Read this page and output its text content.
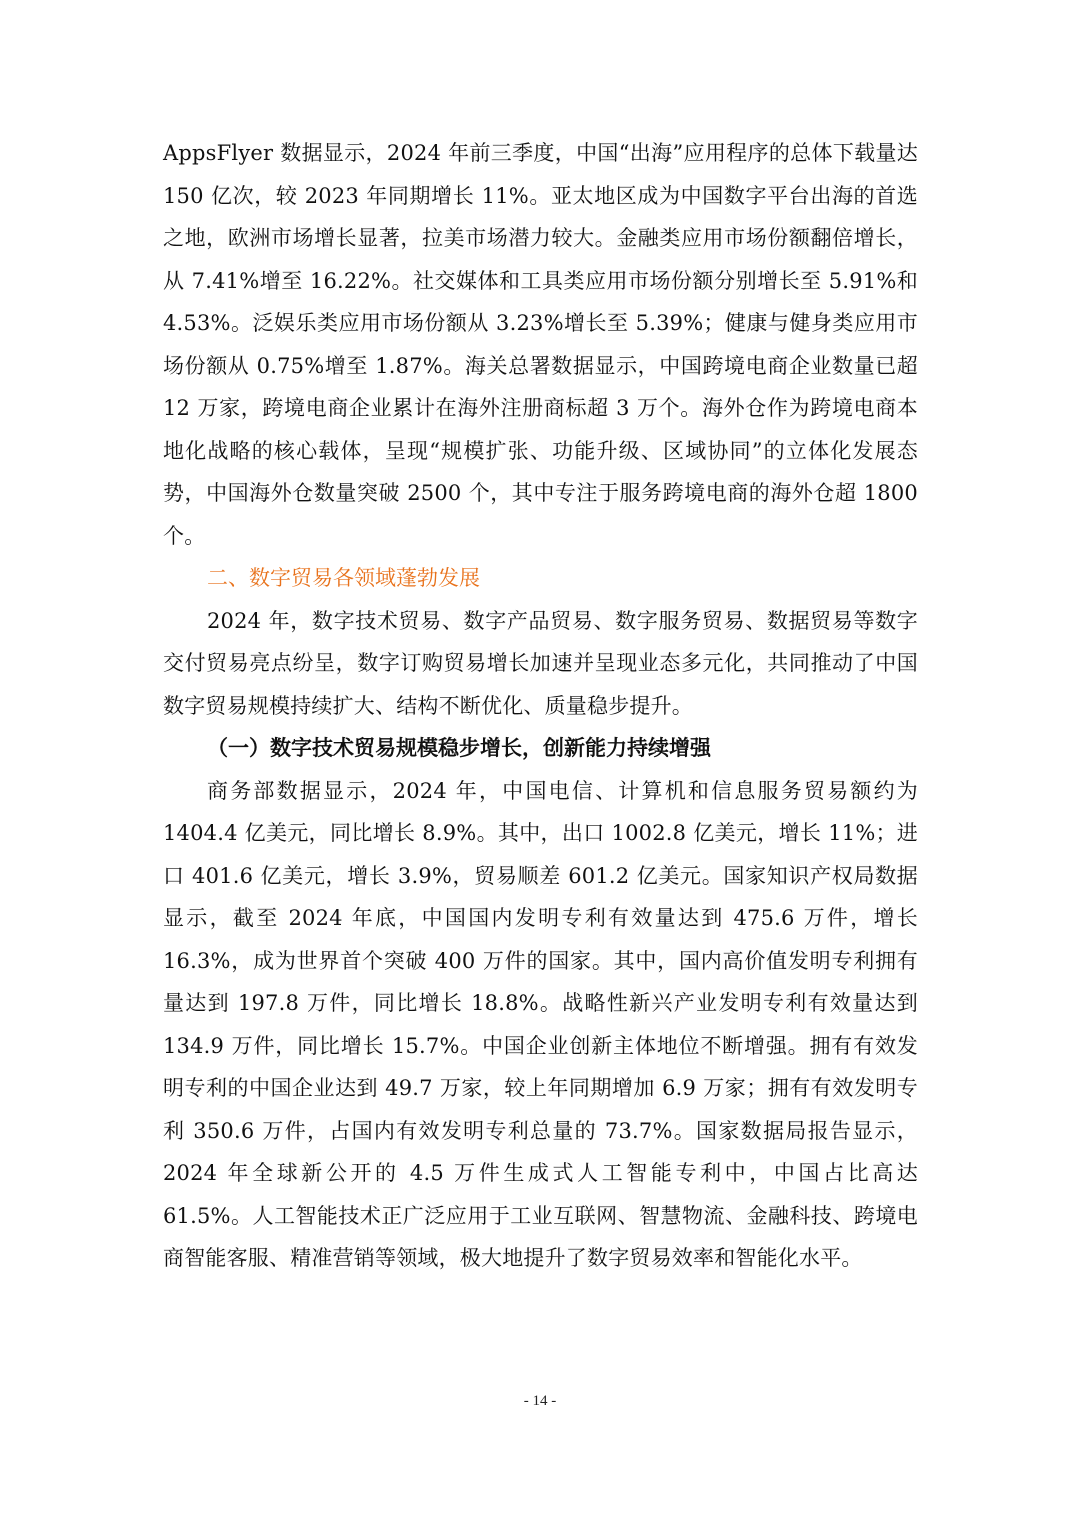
AppsFlyer 数据显示，2024 年前三季度，中国“出海”应用程序的总体下载量达 150 亿次，较 2023 年同期增长 11%。亚太地区成为中国数字平台出海的首选之地，欧洲市场增长显著，拉美市场潜力较大。金融类应用市场份额翻倍增长，从 7.41%增至 16.22%。社交媒体和工具类应用市场份额分别增长至 5.91%和 4.53%。泛娱乐类应用市场份额从 3.23%增长至 5.39%；健康与健身类应用市场份额从 0.75%增至 1.87%。海关总署数据显示，中国跨境电商企业数量已超 12 万家，跨境电商企业累计在海外注册商标超 3 万个。海外仓作为跨境电商本地化战略的核心载体，呈现“规模扩张、功能升级、区域协同”的立体化发展态势，中国海外仓数量突破 2500 个，其中专注于服务跨境电商的海外仓超 1800 个。

二、数字贸易各领域蓬勃发展

2024 年，数字技术贸易、数字产品贸易、数字服务贸易、数据贸易等数字交付贸易亮点纷呈，数字订购贸易增长加速并呈现业态多元化，共同推动了中国数字贸易规模持续扩大、结构不断优化、质量稳步提升。

（一）数字技术贸易规模稳步增长，创新能力持续增强

商务部数据显示，2024 年，中国电信、计算机和信息服务贸易额约为 1404.4 亿美元，同比增长 8.9%。其中，出口 1002.8 亿美元，增长 11%；进口 401.6 亿美元，增长 3.9%，贸易顺差 601.2 亿美元。国家知识产权局数据显示，截至 2024 年底，中国国内发明专利有效量达到 475.6 万件，增长 16.3%，成为世界首个突破 400 万件的国家。其中，国内高价值发明专利拥有量达到 197.8 万件，同比增长 18.8%。战略性新兴产业发明专利有效量达到 134.9 万件，同比增长 15.7%。中国企业创新主体地位不断增强。拥有有效发明专利的中国企业达到 49.7 万家，较上年同期增加 6.9 万家；拥有有效发明专利 350.6 万件，占国内有效发明专利总量的 73.7%。国家数据局报告显示，2024 年全球新公开的 4.5 万件生成式人工智能专利中，中国占比高达 61.5%。人工智能技术正广泛应用于工业互联网、智慧物流、金融科技、跨境电商智能客服、精准营销等领域，极大地提升了数字贸易效率和智能化水平。

- 14 -
